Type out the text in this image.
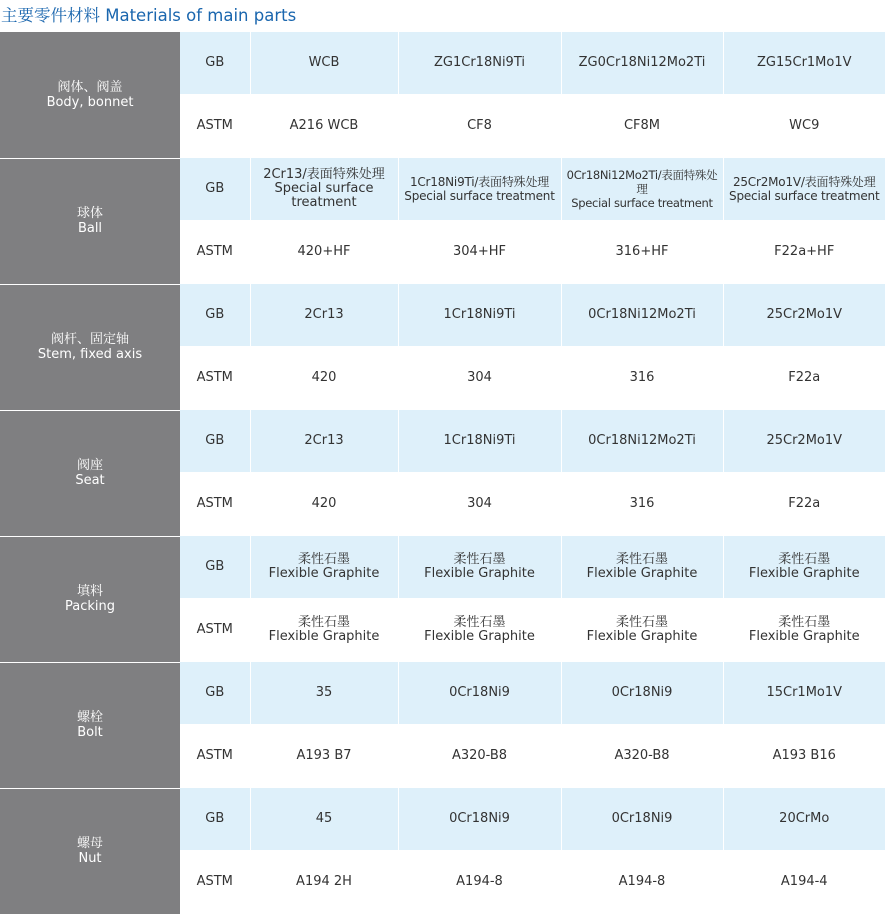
主要零件材料 Materials of main parts
阀体、阀盖
Body, bonnet	GB	WCB	ZG1Cr18Ni9Ti	ZG0Cr18Ni12Mo2Ti	ZG15Cr1Mo1V

	ASTM	A216 WCB	CF8	CF8M	WC9

球体
Ball	GB	2Cr13/表面特殊处理
Special surface
treatment	1Cr18Ni9Ti/表面特殊处理
Special surface treatment	0Cr18Ni12Mo2Ti/表面特殊处理
Special surface treatment	25Cr2Mo1V/表面特殊处理
Special surface treatment

	ASTM	420+HF	304+HF	316+HF	F22a+HF

阀杆、固定轴
Stem, fixed axis	GB	2Cr13	1Cr18Ni9Ti	0Cr18Ni12Mo2Ti	25Cr2Mo1V

	ASTM	420	304	316	F22a

阀座
Seat	GB	2Cr13	1Cr18Ni9Ti	0Cr18Ni12Mo2Ti	25Cr2Mo1V

	ASTM	420	304	316	F22a

填料
Packing	GB	柔性石墨
Flexible Graphite	柔性石墨
Flexible Graphite	柔性石墨
Flexible Graphite	柔性石墨
Flexible Graphite

	ASTM	柔性石墨
Flexible Graphite	柔性石墨
Flexible Graphite	柔性石墨
Flexible Graphite	柔性石墨
Flexible Graphite

螺栓
Bolt	GB	35	0Cr18Ni9	0Cr18Ni9	15Cr1Mo1V

	ASTM	A193 B7	A320-B8	A320-B8	A193 B16

螺母
Nut	GB	45	0Cr18Ni9	0Cr18Ni9	20CrMo

	ASTM	A194 2H	A194-8	A194-8	A194-4
